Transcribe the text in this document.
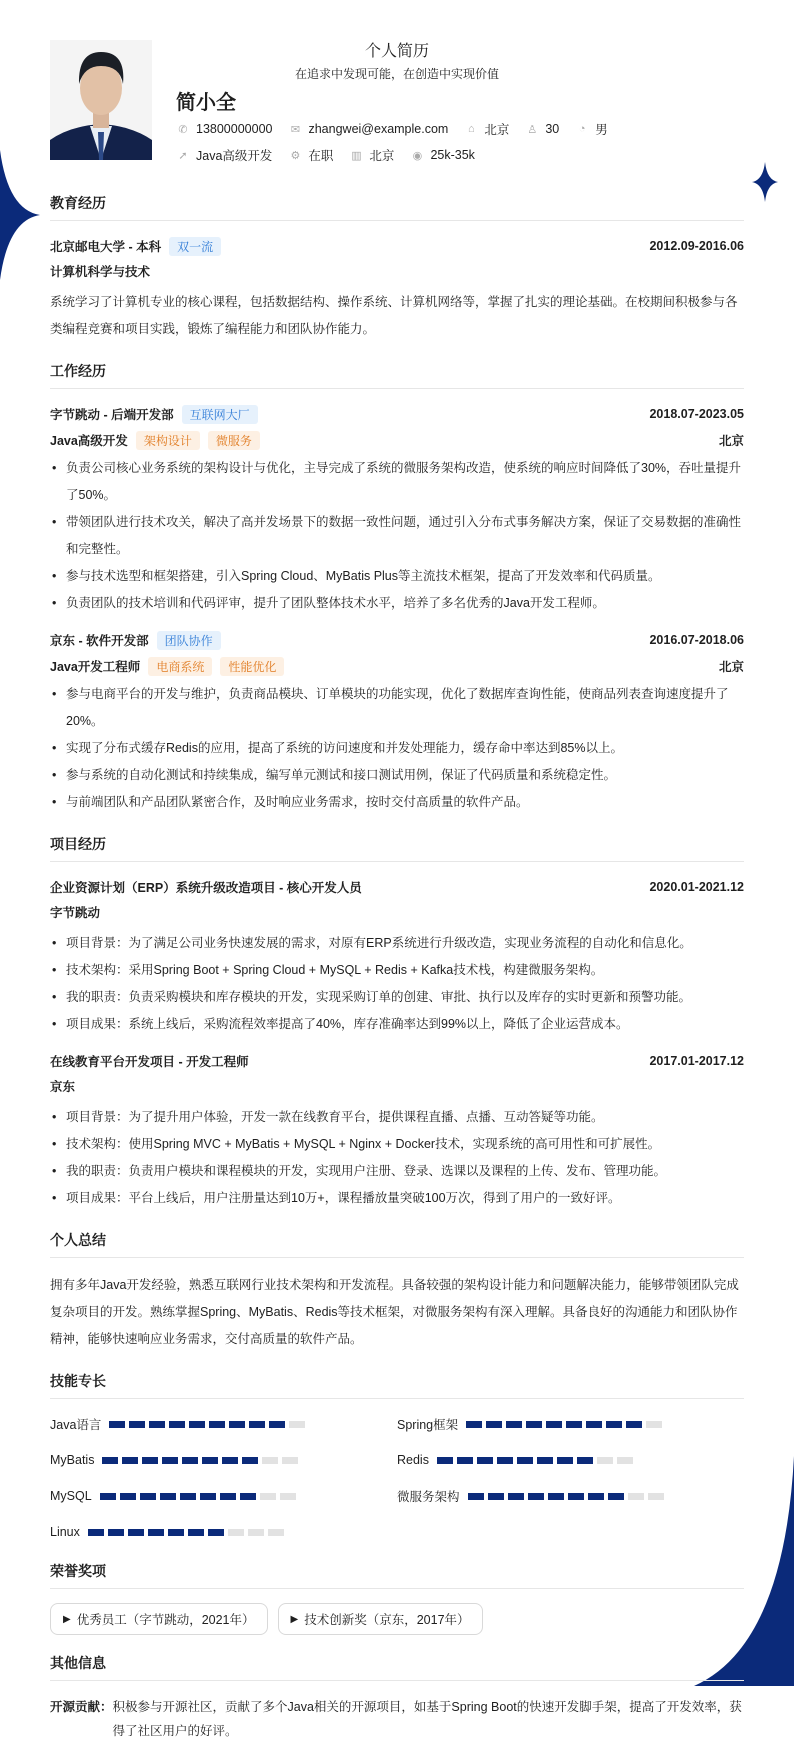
个人简历
在追求中发现可能，在创造中实现价值
简小全
✆ 13800000000 ✉ zhangwei@example.com	⌂ 北京 ♙ 30	◔ 男
➚ Java高级开发 ⚙ 在职 ▥ 北京 ◉ 25k-35k
教育经历
北京邮电大学 - 本科	双一流	2012.09-2016.06
计算机科学与技术
系统学习了计算机专业的核心课程，包括数据结构、操作系统、计算机网络等，掌握了扎实的理论基础。在校期间积极参与各类编程竞赛和项目实践，锻炼了编程能力和团队协作能力。
工作经历
字节跳动 - 后端开发部	互联网大厂	2018.07-2023.05
Java高级开发	架构设计	微服务	北京
• 负责公司核心业务系统的架构设计与优化，主导完成了系统的微服务架构改造，使系统的响应时间降低了30%，吞吐量提升了50%。
• 带领团队进行技术攻关，解决了高并发场景下的数据一致性问题，通过引入分布式事务解决方案，保证了交易数据的准确性和完整性。
• 参与技术选型和框架搭建，引入Spring Cloud、MyBatis Plus等主流技术框架，提高了开发效率和代码质量。
• 负责团队的技术培训和代码评审，提升了团队整体技术水平，培养了多名优秀的Java开发工程师。
京东 - 软件开发部	团队协作	2016.07-2018.06
Java开发工程师	电商系统	性能优化	北京
• 参与电商平台的开发与维护，负责商品模块、订单模块的功能实现，优化了数据库查询性能，使商品列表查询速度提升了20%。
• 实现了分布式缓存Redis的应用，提高了系统的访问速度和并发处理能力，缓存命中率达到85%以上。
• 参与系统的自动化测试和持续集成，编写单元测试和接口测试用例，保证了代码质量和系统稳定性。
• 与前端团队和产品团队紧密合作，及时响应业务需求，按时交付高质量的软件产品。
项目经历
企业资源计划（ERP）系统升级改造项目 - 核心开发人员	2020.01-2021.12
字节跳动
• 项目背景：为了满足公司业务快速发展的需求，对原有ERP系统进行升级改造，实现业务流程的自动化和信息化。
• 技术架构：采用Spring Boot + Spring Cloud + MySQL + Redis + Kafka技术栈，构建微服务架构。
• 我的职责：负责采购模块和库存模块的开发，实现采购订单的创建、审批、执行以及库存的实时更新和预警功能。
• 项目成果：系统上线后，采购流程效率提高了40%，库存准确率达到99%以上，降低了企业运营成本。
在线教育平台开发项目 - 开发工程师	2017.01-2017.12
京东
• 项目背景：为了提升用户体验，开发一款在线教育平台，提供课程直播、点播、互动答疑等功能。
• 技术架构：使用Spring MVC + MyBatis + MySQL + Nginx + Docker技术，实现系统的高可用性和可扩展性。
• 我的职责：负责用户模块和课程模块的开发，实现用户注册、登录、选课以及课程的上传、发布、管理功能。
• 项目成果：平台上线后，用户注册量达到10万+，课程播放量突破100万次，得到了用户的一致好评。
个人总结
拥有多年Java开发经验，熟悉互联网行业技术架构和开发流程。具备较强的架构设计能力和问题解决能力，能够带领团队完成复杂项目的开发。熟练掌握Spring、MyBatis、Redis等技术框架，对微服务架构有深入理解。具备良好的沟通能力和团队协作精神，能够快速响应业务需求，交付高质量的软件产品。
技能专长
Java语言	Spring框架
MyBatis	Redis
MySQL	微服务架构
Linux
荣誉奖项
▶ 优秀员工（字节跳动，2021年）	▶ 技术创新奖（京东，2017年）
其他信息
开源贡献： 积极参与开源社区，贡献了多个Java相关的开源项目，如基于Spring Boot的快速开发脚手架，提高了开发效率，获得了社区用户的好评。
